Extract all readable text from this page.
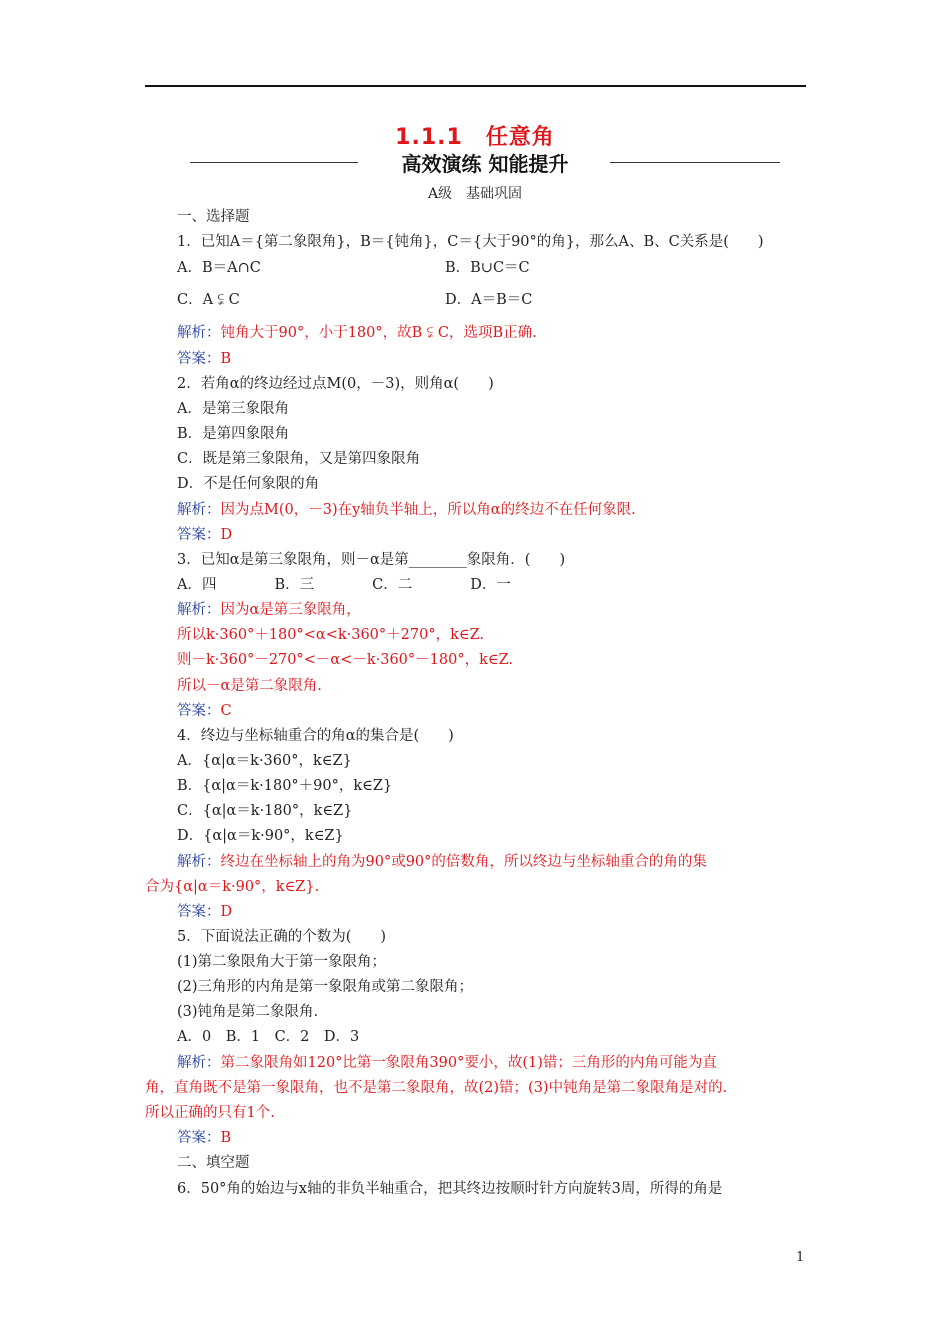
1.1.1　任意角
高效演练 知能提升
A级　基础巩固
一、选择题
1．已知A＝{第二象限角}，B＝{钝角}，C＝{大于90°的角}，那么A、B、C关系是(　　)
A．B＝A∩C	B．B∪C＝C
C．A ⫋ C	D．A＝B＝C
解析：钝角大于90°，小于180°，故B ⫋ C，选项B正确.
答案：B
2．若角α的终边经过点M(0，－3)，则角α(　　)
A．是第三象限角
B．是第四象限角
C．既是第三象限角，又是第四象限角
D．不是任何象限的角
解析：因为点M(0，－3)在y轴负半轴上，所以角α的终边不在任何象限.
答案：D
3．已知α是第三象限角，则－α是第________象限角．(　　)
A．四　　　　B．三　　　　C．二　　　　D．一
解析：因为α是第三象限角，
所以k·360°＋180°<α<k·360°＋270°，k∈Z.
则－k·360°－270°<－α<－k·360°－180°，k∈Z.
所以－α是第二象限角.
答案：C
4．终边与坐标轴重合的角α的集合是(　　)
A．{α|α＝k·360°，k∈Z}
B．{α|α＝k·180°＋90°，k∈Z}
C．{α|α＝k·180°，k∈Z}
D．{α|α＝k·90°，k∈Z}
解析：终边在坐标轴上的角为90°或90°的倍数角，所以终边与坐标轴重合的角的集
合为{α|α＝k·90°，k∈Z}.
答案：D
5．下面说法正确的个数为(　　)
(1)第二象限角大于第一象限角；
(2)三角形的内角是第一象限角或第二象限角；
(3)钝角是第二象限角.
A．0　B．1　C．2　D．3
解析：第二象限角如120°比第一象限角390°要小，故(1)错；三角形的内角可能为直
角，直角既不是第一象限角，也不是第二象限角，故(2)错；(3)中钝角是第二象限角是对的.
所以正确的只有1个.
答案：B
二、填空题
6．50°角的始边与x轴的非负半轴重合，把其终边按顺时针方向旋转3周，所得的角是
1
